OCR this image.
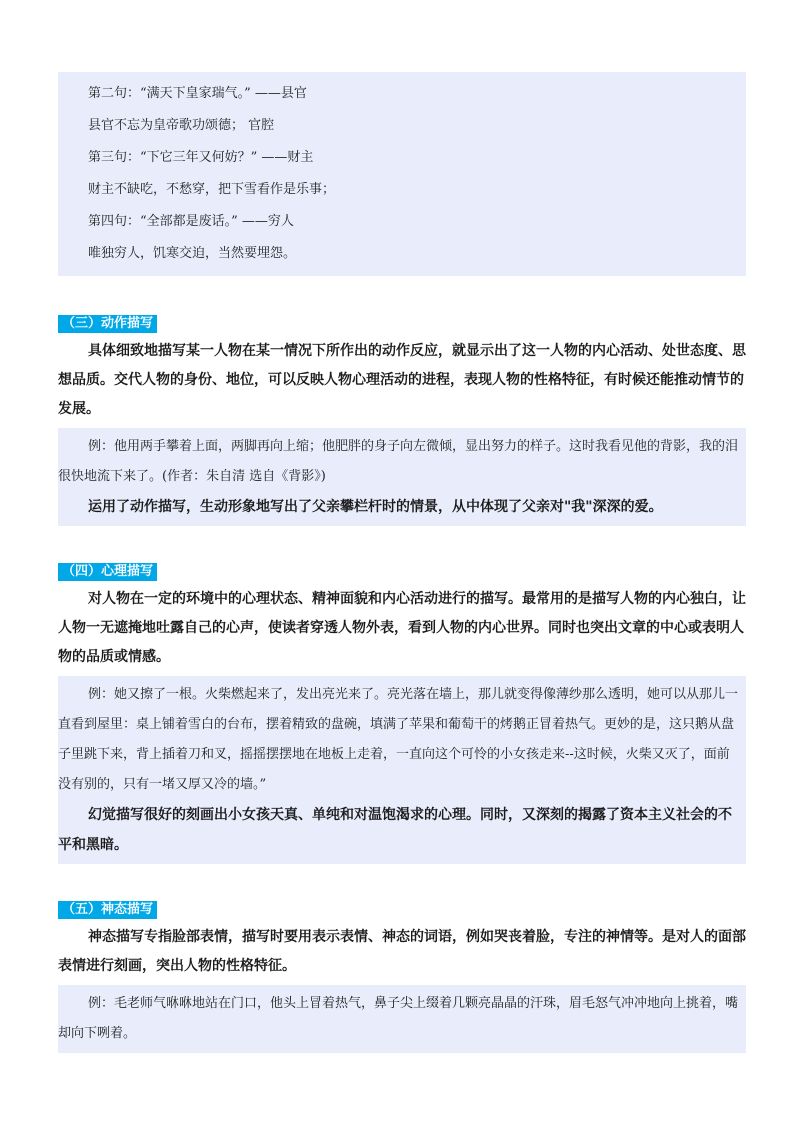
第二句：“满天下皇家瑞气。” ——县官

县官不忘为皇帝歌功颂德； 官腔

第三句：“下它三年又何妨？” ——财主

财主不缺吃，不愁穿，把下雪看作是乐事；

第四句：“全部都是废话。” ——穷人

唯独穷人，饥寒交迫，当然要埋怨。

（三）动作描写

具体细致地描写某一人物在某一情况下所作出的动作反应，就显示出了这一人物的内心活动、处世态度、思想品质。交代人物的身份、地位，可以反映人物心理活动的进程，表现人物的性格特征，有时候还能推动情节的发展。

例：他用两手攀着上面，两脚再向上缩；他肥胖的身子向左微倾，显出努力的样子。这时我看见他的背影，我的泪很快地流下来了。(作者：朱自清 选自《背影》)

运用了动作描写，生动形象地写出了父亲攀栏杆时的情景，从中体现了父亲对"我"深深的爱。

（四）心理描写

对人物在一定的环境中的心理状态、精神面貌和内心活动进行的描写。最常用的是描写人物的内心独白，让人物一无遮掩地吐露自己的心声，使读者穿透人物外表，看到人物的内心世界。同时也突出文章的中心或表明人物的品质或情感。

例：她又擦了一根。火柴燃起来了，发出亮光来了。亮光落在墙上，那儿就变得像薄纱那么透明，她可以从那儿一直看到屋里：桌上铺着雪白的台布，摆着精致的盘碗，填满了苹果和葡萄干的烤鹅正冒着热气。更妙的是，这只鹅从盘子里跳下来，背上插着刀和叉，摇摇摆摆地在地板上走着，一直向这个可怜的小女孩走来--这时候，火柴又灭了，面前没有别的，只有一堵又厚又冷的墙。”

幻觉描写很好的刻画出小女孩天真、单纯和对温饱渴求的心理。同时，又深刻的揭露了资本主义社会的不平和黑暗。

（五）神态描写

神态描写专指脸部表情，描写时要用表示表情、神态的词语，例如哭丧着脸，专注的神情等。是对人的面部表情进行刻画，突出人物的性格特征。

例：毛老师气咻咻地站在门口，他头上冒着热气，鼻子尖上缀着几颗亮晶晶的汗珠，眉毛怒气冲冲地向上挑着，嘴却向下咧着。
